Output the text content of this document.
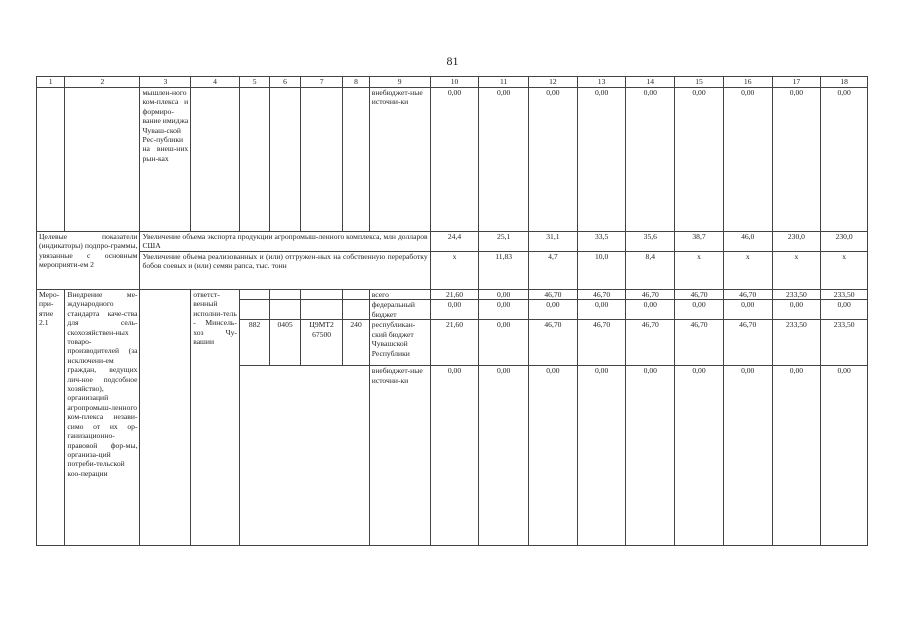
81
1	2	3	4	5	6	7	8	9	10	11	12	13	14	15	16	17	18
		мышлен-ного ком-плекса и формиро-вание имиджа Чуваш-ской Рес-публики на внеш-них рын-ках						внебюджет-ные источни-ки	0,00	0,00	0,00	0,00	0,00	0,00	0,00	0,00	0,00
Целевые показатели (индикаторы) подпро-граммы, увязанные с основным мероприяти-ем 2		Увеличение объема экспорта продукции агропромыш-ленного комплекса, млн долларов США							24,4	25,1	31,1	33,5	35,6	38,7	46,0	230,0	230,0
		Увеличение объема реализованных и (или) отгружен-ных на собственную переработку бобов соевых и (или) семян рапса, тыс. тонн							x	11,83	4,7	10,0	8,4	x	x	x	x
Меро-при-ятие 2.1	Внедрение ме-ждународного стандарта каче-ства для сель-скохозяйствен-ных товаро-производителей (за исключени-ем граждан, ведущих лич-ное подсобное хозяйство), организаций агропромыш-ленного ком-плекса незави-симо от их ор-ганизационно-правовой фор-мы, организа-ций потреби-тельской коо-перации		ответст-венный исполни-тель - Минсель-хоз Чу-вашии					всего	21,60	0,00	46,70	46,70	46,70	46,70	46,70	233,50	233,50
								федеральный бюджет	0,00	0,00	0,00	0,00	0,00	0,00	0,00	0,00	0,00
				882	0405	Ц9МТ2 67500	240	республикан-ский бюджет Чувашской Республики	21,60	0,00	46,70	46,70	46,70	46,70	46,70	233,50	233,50
								внебюджет-ные источни-ки	0,00	0,00	0,00	0,00	0,00	0,00	0,00	0,00	0,00
